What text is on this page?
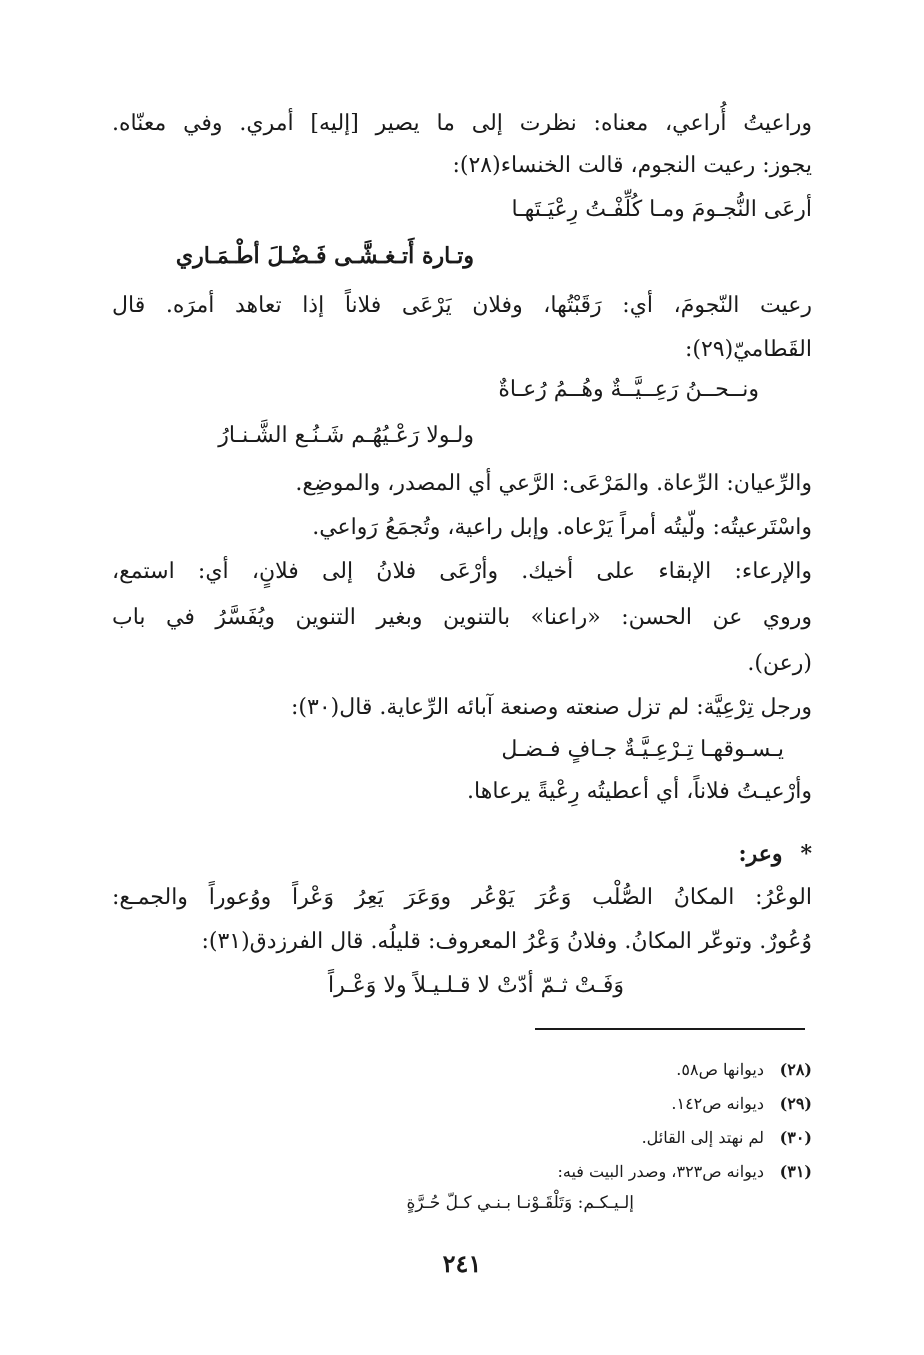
وراعيتُ أُراعي، معناه: نظرت إلى ما يصير [إليه] أمري. وفي معنّاه.
يجوز: رعيت النجوم، قالت الخنساء(٢٨):
أرعَى النُّجـومَ ومـا كُلِّفْـتُ رِعْيَـتَهـا
وتـارة أَتـغـشَّـى فَـضْـلَ أطْـمَـاري
رعيت النّجومَ، أي: رَقَبْتُها، وفلان يَرْعَى فلاناً إذا تعاهد أمرَه. قال
القَطاميّ(٢٩):
ونــحــنُ رَعِــيَّــةٌ وهُــمُ رُعـاةٌ
ولـولا رَعْـيُهُـم شَـنُـع الشَّـنـارُ
والرِّعيان: الرِّعاة. والمَرْعَى: الرَّعي أي المصدر، والموضِع.
واسْتَرعيتُه: ولّيتُه أمراً يَرْعاه. وإبل راعية، وتُجمَعُ رَواعي.
والإرعاء: الإبقاء على أخيك. وأرْعَى فلانُ إلى فلانٍ، أي: استمع،
وروي عن الحسن: «راعنا» بالتنوين وبغير التنوين ويُفَسَّرُ في باب
(رعن).
ورجل تِرْعِيَّة: لم تزل صنعته وصنعة آبائه الرِّعاية. قال(٣٠):
يـسـوقهـا تِـرْعِـيَّـةٌ جـافٍ فـضـل
وأرْعيـتُ فلاناً، أي أعطيتُه رِعْيةً يرعاها.
*وعر:
الوعْرُ: المكانُ الصُّلْب وَعُرَ يَوْعُر ووَعَرَ يَعِرُ وَعْراً ووُعوراً والجمـع:
وُعُورٌ. وتوعّر المكانُ. وفلانُ وَعْرُ المعروف: قليلُه. قال الفرزدق(٣١):
وَفَـتْ ثـمّ أدّتْ لا قـلـيـلاً ولا وَعْـراً
(٢٨)ديوانها ص٥٨.
(٢٩)ديوانه ص١٤٢.
(٣٠)لم نهتد إلى القائل.
(٣١)ديوانه ص٣٢٣، وصدر البيت فيه:
إلـيـكـم: وَتَلْقَـوْنـا بـنـي كـلّ حُـرَّةٍ
٢٤١
